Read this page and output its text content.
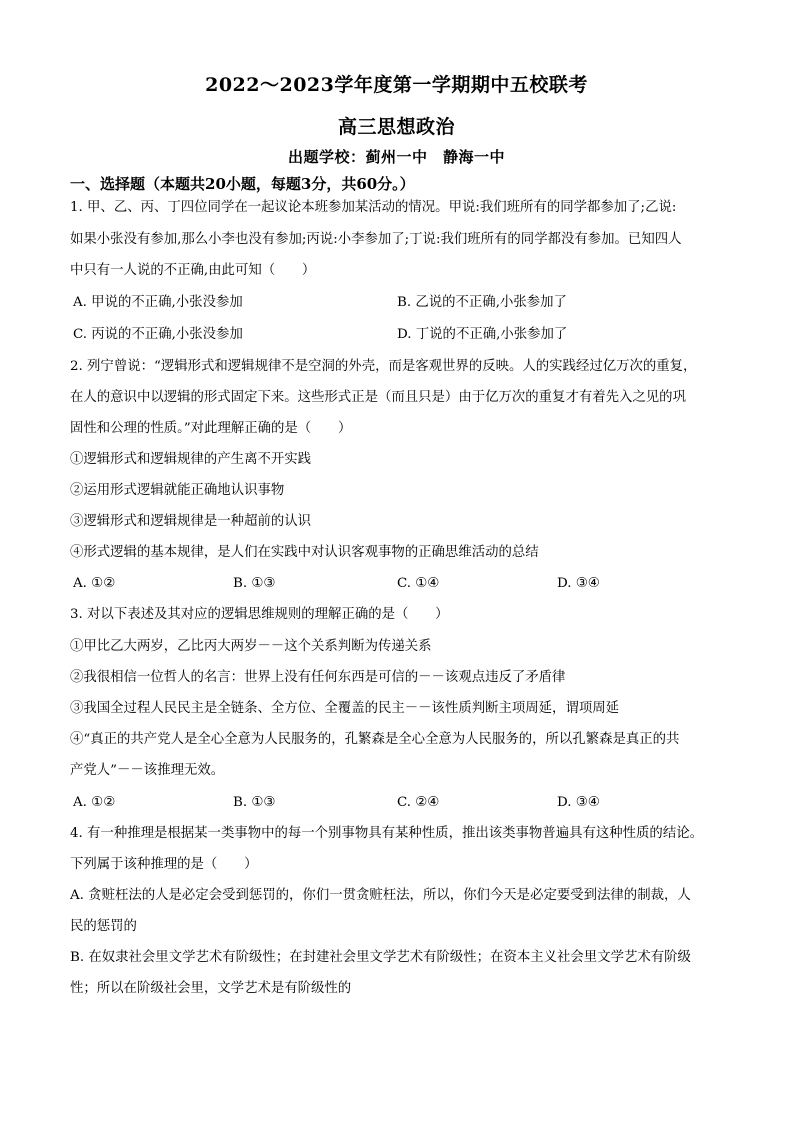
2022～2023学年度第一学期期中五校联考
高三思想政治
出题学校：蓟州一中　静海一中
一、选择题（本题共20小题，每题3分，共60分。）
1. 甲、乙、丙、丁四位同学在一起议论本班参加某活动的情况。甲说:我们班所有的同学都参加了;乙说:
如果小张没有参加,那么小李也没有参加;丙说:小李参加了;丁说:我们班所有的同学都没有参加。已知四人
中只有一人说的不正确,由此可知（　　）
A. 甲说的不正确,小张没参加	B. 乙说的不正确,小张参加了
C. 丙说的不正确,小张没参加	D. 丁说的不正确,小张参加了
2. 列宁曾说：“逻辑形式和逻辑规律不是空洞的外壳，而是客观世界的反映。人的实践经过亿万次的重复，
在人的意识中以逻辑的形式固定下来。这些形式正是（而且只是）由于亿万次的重复才有着先入之见的巩
固性和公理的性质。”对此理解正确的是（　　）
①逻辑形式和逻辑规律的产生离不开实践
②运用形式逻辑就能正确地认识事物
③逻辑形式和逻辑规律是一种超前的认识
④形式逻辑的基本规律，是人们在实践中对认识客观事物的正确思维活动的总结
A. ①②	B. ①③	C. ①④	D. ③④
3. 对以下表述及其对应的逻辑思维规则的理解正确的是（　　）
①甲比乙大两岁，乙比丙大两岁－－这个关系判断为传递关系
②我很相信一位哲人的名言：世界上没有任何东西是可信的－－该观点违反了矛盾律
③我国全过程人民民主是全链条、全方位、全覆盖的民主－－该性质判断主项周延，谓项周延
④“真正的共产党人是全心全意为人民服务的，孔繁森是全心全意为人民服务的，所以孔繁森是真正的共
产党人”－－该推理无效。
A. ①②	B. ①③	C. ②④	D. ③④
4. 有一种推理是根据某一类事物中的每一个别事物具有某种性质，推出该类事物普遍具有这种性质的结论。
下列属于该种推理的是（　　）
A. 贪赃枉法的人是必定会受到惩罚的，你们一贯贪赃枉法，所以，你们今天是必定要受到法律的制裁，人
民的惩罚的
B. 在奴隶社会里文学艺术有阶级性；在封建社会里文学艺术有阶级性；在资本主义社会里文学艺术有阶级
性；所以在阶级社会里，文学艺术是有阶级性的
